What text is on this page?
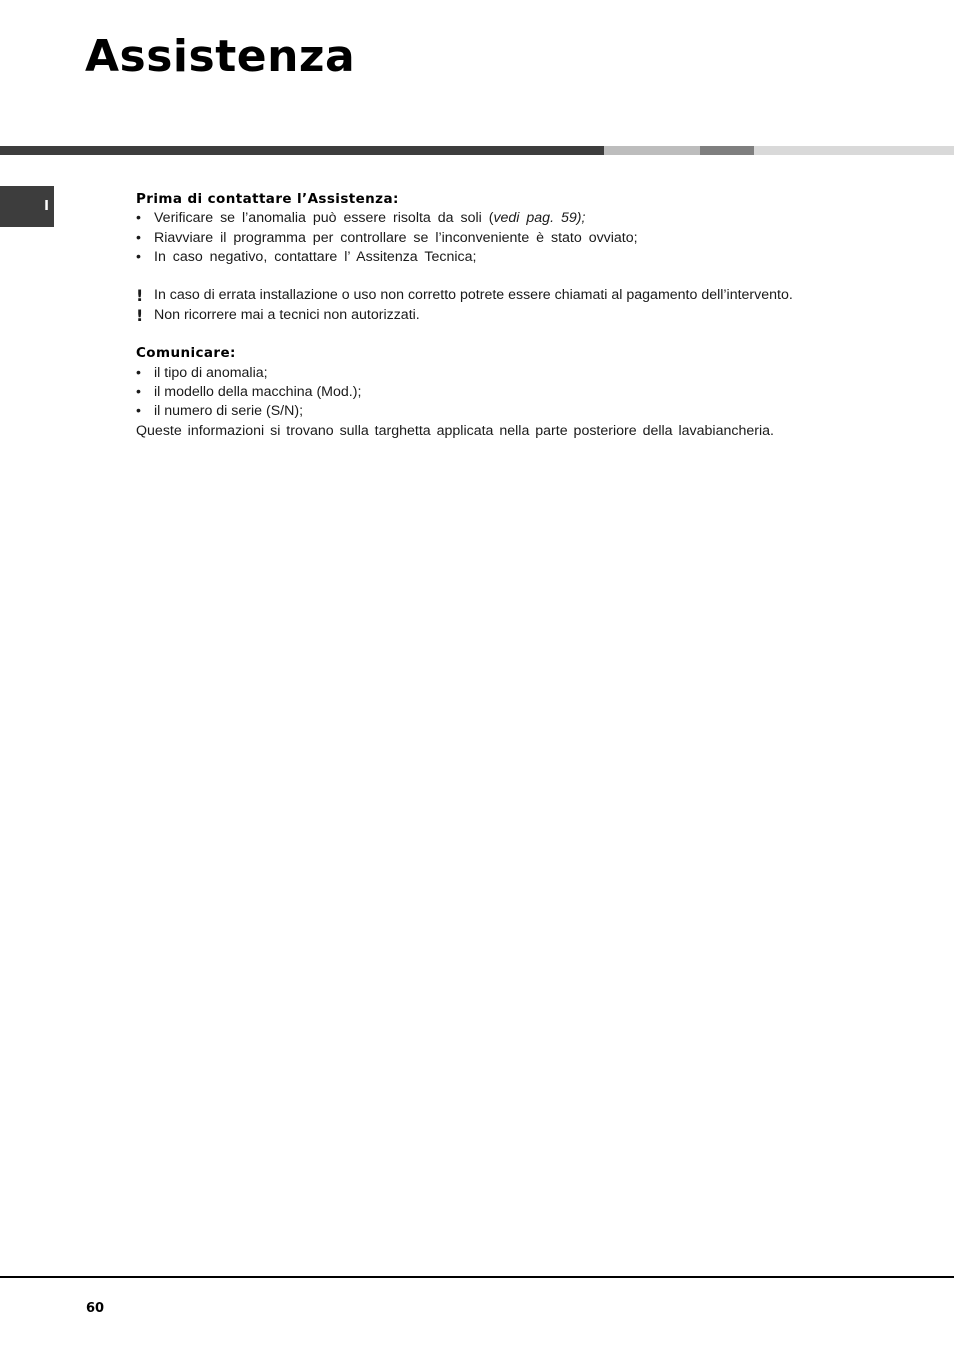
Assistenza
I	Prima di contattare l’Assistenza:

• Verificare se l’anomalia può essere risolta da soli (vedi pag. 59);
• Riavviare il programma per controllare se l’inconveniente è stato ovviato;
• In caso negativo, contattare l’ Assitenza Tecnica;
! In caso di errata installazione o uso non corretto potrete essere chiamati al pagamento dell’intervento.
! Non ricorrere mai a tecnici non autorizzati.

Comunicare:

• il tipo di anomalia;
• il modello della macchina (Mod.);
• il numero di serie (S/N);
Queste informazioni si trovano sulla targhetta applicata nella parte posteriore della lavabiancheria.
60
